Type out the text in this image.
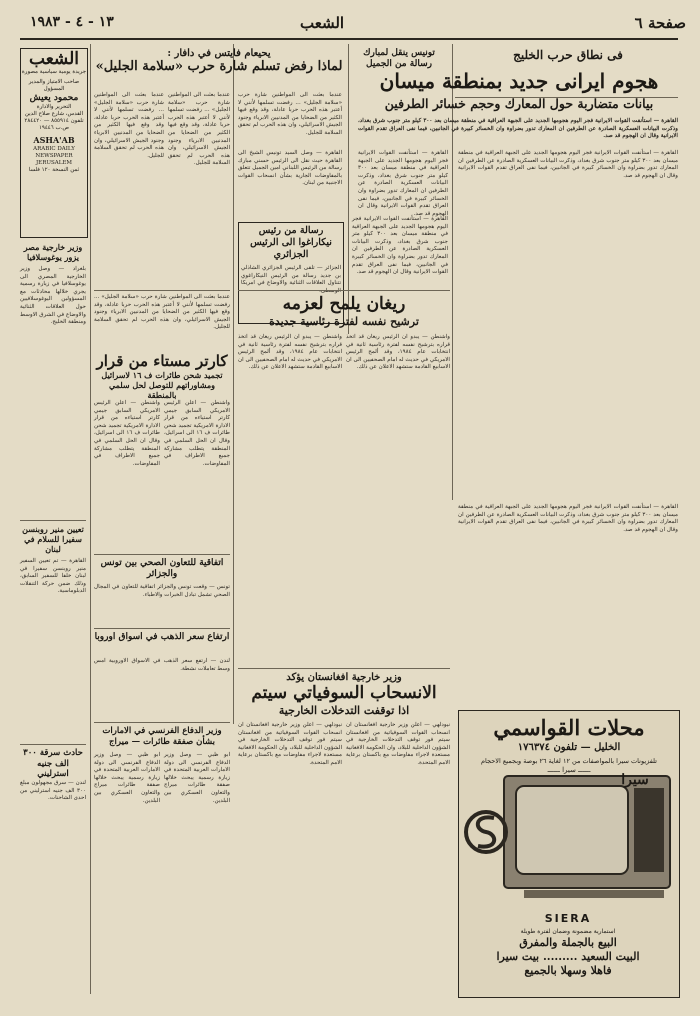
صفحة ٦
الشعب
١٣ - ٤ - ١٩٨٣
فى نطاق حرب الخليج
هجوم ايرانى جديد بمنطقة ميسان
بيانات متضاربة حول المعارك وحجم خسائر الطرفين
القاهرة — استأنفت القوات الايرانية فجر اليوم هجومها الجديد على الجبهة العراقية في منطقة ميسان بعد ٣٠٠ كيلو متر جنوب شرق بغداد، وذكرت البيانات العسكرية الصادرة عن الطرفين ان المعارك تدور بضراوة وان الخسائر كبيرة في الجانبين، فيما نفى العراق تقدم القوات الايرانية وقال ان الهجوم قد صد.
القاهرة — استأنفت القوات الايرانية فجر اليوم هجومها الجديد على الجبهة العراقية في منطقة ميسان بعد ٣٠٠ كيلو متر جنوب شرق بغداد، وذكرت البيانات العسكرية الصادرة عن الطرفين ان المعارك تدور بضراوة وان الخسائر كبيرة في الجانبين، فيما نفى العراق تقدم القوات الايرانية وقال ان الهجوم قد صد.
القاهرة — استأنفت القوات الايرانية فجر اليوم هجومها الجديد على الجبهة العراقية في منطقة ميسان بعد ٣٠٠ كيلو متر جنوب شرق بغداد، وذكرت البيانات العسكرية الصادرة عن الطرفين ان المعارك تدور بضراوة وان الخسائر كبيرة في الجانبين، فيما نفى العراق تقدم القوات الايرانية وقال ان الهجوم قد صد.
تونيس ينقل لمبارك رسالة من الجميل
رسالة من رئيس نيكاراغوا الى الرئيس الجزائري
الجزائر — تلقى الرئيس الجزائري الشاذلي بن جديد رسالة من الرئيس النيكاراغوي تتناول العلاقات الثنائية والاوضاع في امريكا
القاهرة — وصل السيد تونيس الشيخ الى القاهرة حيث نقل الى الرئيس حسني مبارك رسالة من الرئيس اللبناني امين الجميل تتعلق بالمفاوضات الجارية بشأن انسحاب القوات الاجنبية من لبنان.
القاهرة — استأنفت القوات الايرانية فجر اليوم هجومها الجديد على الجبهة العراقية في منطقة ميسان بعد ٣٠٠ كيلو متر جنوب شرق بغداد، وذكرت البيانات العسكرية الصادرة عن الطرفين ان المعارك تدور بضراوة وان الخسائر كبيرة في الجانبين، فيما نفى العراق تقدم القوات الايرانية وقال ان الهجوم قد صد.
يحيعام فايتس في دافار :
لماذا رفض تسلم شارة حرب «سلامة الجليل»
عندما بعثت الى المواطنين شارة حرب «سلامة الجليل» ... رفضت تسلمها لأنني لا أعتبر هذه الحرب حربا عادلة، وقد وقع فيها الكثير من الضحايا من المدنيين الابرياء وجنود الجيش الاسرائيلي، وان هذه الحرب لم تحقق السلامة للجليل.
عندما بعثت الى المواطنين شارة حرب «سلامة الجليل» ... رفضت تسلمها لأنني لا أعتبر هذه الحرب حربا عادلة، وقد وقع فيها الكثير من الضحايا من المدنيين الابرياء وجنود الجيش الاسرائيلي، وان هذه الحرب لم تحقق السلامة للجليل.
عندما بعثت الى المواطنين شارة حرب «سلامة الجليل» ... رفضت تسلمها لأنني لا أعتبر هذه الحرب حربا عادلة، وقد وقع فيها الكثير من الضحايا من المدنيين الابرياء وجنود الجيش الاسرائيلي، وان هذه الحرب لم تحقق السلامة للجليل.
ريغان يلمح لعزمه
ترشيح نفسه لفترة رئاسية جديدة
واشنطن — يبدو ان الرئيس ريغان قد اتخذ قراره بترشيح نفسه لفترة رئاسية ثانية في انتخابات عام ١٩٨٤، وقد ألمح الرئيس الامريكي في حديث له امام الصحفيين الى ان الاسابيع القادمة ستشهد الاعلان عن ذلك.
واشنطن — يبدو ان الرئيس ريغان قد اتخذ قراره بترشيح نفسه لفترة رئاسية ثانية في انتخابات عام ١٩٨٤، وقد ألمح الرئيس الامريكي في حديث له امام الصحفيين الى ان الاسابيع القادمة ستشهد الاعلان عن ذلك.
القاهرة — استأنفت القوات الايرانية فجر اليوم هجومها الجديد على الجبهة العراقية في منطقة ميسان بعد ٣٠٠ كيلو متر جنوب شرق بغداد، وذكرت البيانات العسكرية الصادرة عن الطرفين ان المعارك تدور بضراوة وان الخسائر كبيرة في الجانبين، فيما نفى العراق تقدم القوات الايرانية وقال ان الهجوم قد صد.
عندما بعثت الى المواطنين شارة حرب «سلامة الجليل» ... رفضت تسلمها لأنني لا أعتبر هذه الحرب حربا عادلة، وقد وقع فيها الكثير من الضحايا من المدنيين الابرياء وجنود الجيش الاسرائيلي، وان هذه الحرب لم تحقق السلامة للجليل.
كارتر مستاء من قرار
تجميد شحن طائرات ف ١٦ لاسرائيل ومشاوراتهم للتوصل لحل سلمي بالمنطقة
واشنطن — اعلن الرئيس الامريكي السابق جيمي كارتر استياءه من قرار الادارة الامريكية تجميد شحن طائرات ف ١٦ الى اسرائيل، وقال ان الحل السلمي في المنطقة يتطلب مشاركة جميع الاطراف في المفاوضات.
واشنطن — اعلن الرئيس الامريكي السابق جيمي كارتر استياءه من قرار الادارة الامريكية تجميد شحن طائرات ف ١٦ الى اسرائيل، وقال ان الحل السلمي في المنطقة يتطلب مشاركة جميع الاطراف في المفاوضات.
اتفاقية للتعاون الصحي بين تونس والجزائر
تونس — وقعت تونس والجزائر اتفاقية للتعاون في المجال الصحي تشمل تبادل الخبرات والاطباء.
ارتفاع سعر الذهب في اسواق اوروبا
لندن — ارتفع سعر الذهب في الاسواق الاوروبية امس وسط تعاملات نشطة.
وزير خارجية افغانستان يؤكد
الانسحاب السوفياتي سيتم
اذا توقفت التدخلات الخارجية
نيودلهي — اعلن وزير خارجية افغانستان ان انسحاب القوات السوفياتية من افغانستان سيتم فور توقف التدخلات الخارجية في الشؤون الداخلية للبلاد، وان الحكومة الافغانية مستعدة لاجراء مفاوضات مع باكستان برعاية الامم المتحدة.
نيودلهي — اعلن وزير خارجية افغانستان ان انسحاب القوات السوفياتية من افغانستان سيتم فور توقف التدخلات الخارجية في الشؤون الداخلية للبلاد، وان الحكومة الافغانية مستعدة لاجراء مفاوضات مع باكستان برعاية الامم المتحدة.
وزير الدفاع الفرنسي في الامارات بشأن صفقة طائرات — ميراج
ابو ظبي — وصل وزير الدفاع الفرنسي الى دولة الامارات العربية المتحدة في زيارة رسمية يبحث خلالها صفقة طائرات ميراج والتعاون العسكري بين البلدين.
ابو ظبي — وصل وزير الدفاع الفرنسي الى دولة الامارات العربية المتحدة في زيارة رسمية يبحث خلالها صفقة طائرات ميراج والتعاون العسكري بين البلدين.
الشعب
جريدة يومية سياسية مصورة
صاحب الامتياز والمدير المسؤول
محمود يعيش
التحرير والادارة
القدس، شارع صلاح الدين
تلفون ٨٥٥٩١٤ — ٢٨٤٤٢٠
ص.ب ١٩٤٤٦
ASHA'AB
ARABIC DAILY
NEWSPAPER
JERUSALEM
ثمن النسخة ١٢٠ فلسا
وزير خارجية مصر يزور يوغوسلافيا
بلغراد — وصل وزير الخارجية المصري الى يوغوسلافيا في زيارة رسمية يجري خلالها محادثات مع المسؤولين اليوغوسلافيين حول العلاقات الثنائية والاوضاع في الشرق الاوسط ومنطقة الخليج.
تعيين منير روبنسن سفيرا للسلام في لبنان
القاهرة — تم تعيين السفير منير روبنسن سفيرا في لبنان خلفا للسفير السابق، وذلك ضمن حركة التنقلات الدبلوماسية.
حادث سرقة ٣٠٠ الف جنيه استرليني
لندن — سرق مجهولون مبلغ ٣٠٠ الف جنيه استرليني من احدى الشاحنات.
محلات القواسمي
الخليل — تلفون ١٧٦٣٧٤
تلفزيونات سيرا بالمواصفات من ١٢ لغاية ٢٦ بوصة وبجميع الاحجام
ــــــ سيرا ــــــ
SIERA
سيرا
استمارية مضمونة وضمان لفترة طويلة
البيع بالجملة والمفرق
البيت السعيد ......... بيت سيرا
فاهلا وسهلا بالجميع
